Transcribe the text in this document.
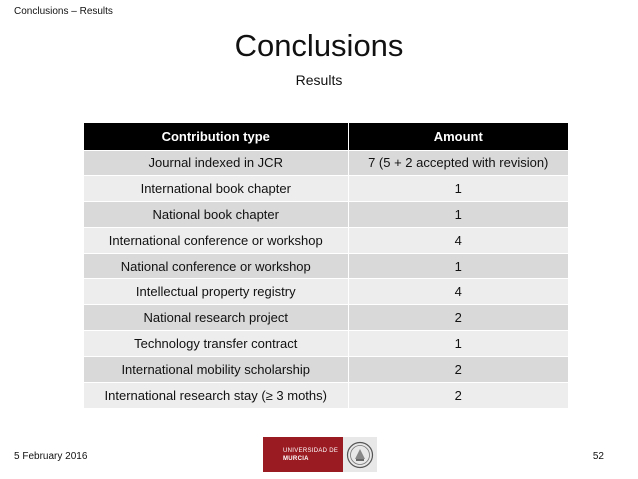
Conclusions – Results
Conclusions
Results
Contribution type	Amount
Journal indexed in JCR	7 (5 + 2 accepted with revision)
International book chapter	1
National book chapter	1
International conference or workshop	4
National conference or workshop	1
Intellectual property registry	4
National research project	2
Technology transfer contract	1
International mobility scholarship	2
International research stay (≥ 3 moths)	2
5 February 2016
UNIVERSIDAD DE
MURCIA	52
